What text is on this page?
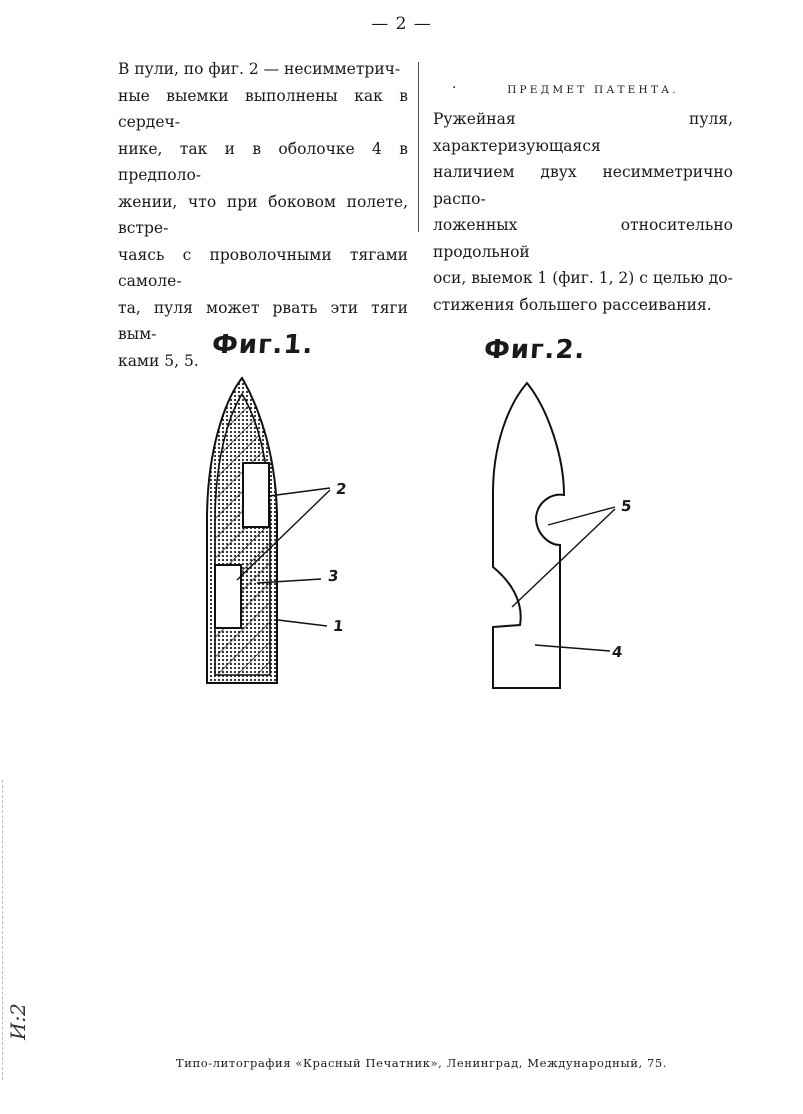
— 2 —
В пули, по фиг. 2 — несимметрич-
ные выемки выполнены как в сердеч-
нике, так и в оболочке 4 в предполо-
жении, что при боковом полете, встре-
чаясь с проволочными тягами самоле-
та, пуля может рвать эти тяги вым-
ками 5, 5.
·	ПРЕДМЕТ ПАТЕНТА.
Ружейная пуля, характеризующаяся
наличием двух несимметрично распо-
ложенных относительно продольной
оси, выемок 1 (фиг. 1, 2) с целью до-
стижения большего рассеивания.
Фиг.1.
2
3
1
Фиг.2.
5
4
И:2
Типо-литография «Красный Печатник», Ленинград, Международный, 75.
